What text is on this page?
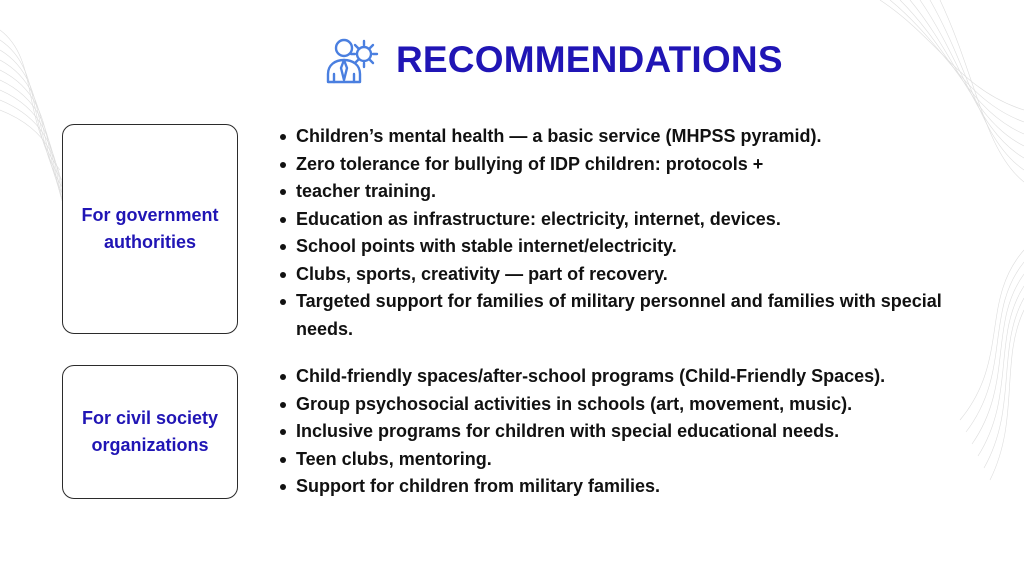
RECOMMENDATIONS
For government authorities
Children’s mental health — a basic service (MHPSS pyramid).
Zero tolerance for bullying of IDP children: protocols +
teacher training.
Education as infrastructure: electricity, internet, devices.
School points with stable internet/electricity.
Clubs, sports, creativity — part of recovery.
Targeted support for families of military personnel and families with special needs.
For civil society organizations
Child-friendly spaces/after-school programs (Child-Friendly Spaces).
Group psychosocial activities in schools (art, movement, music).
Inclusive programs for children with special educational needs.
Teen clubs, mentoring.
Support for children from military families.
